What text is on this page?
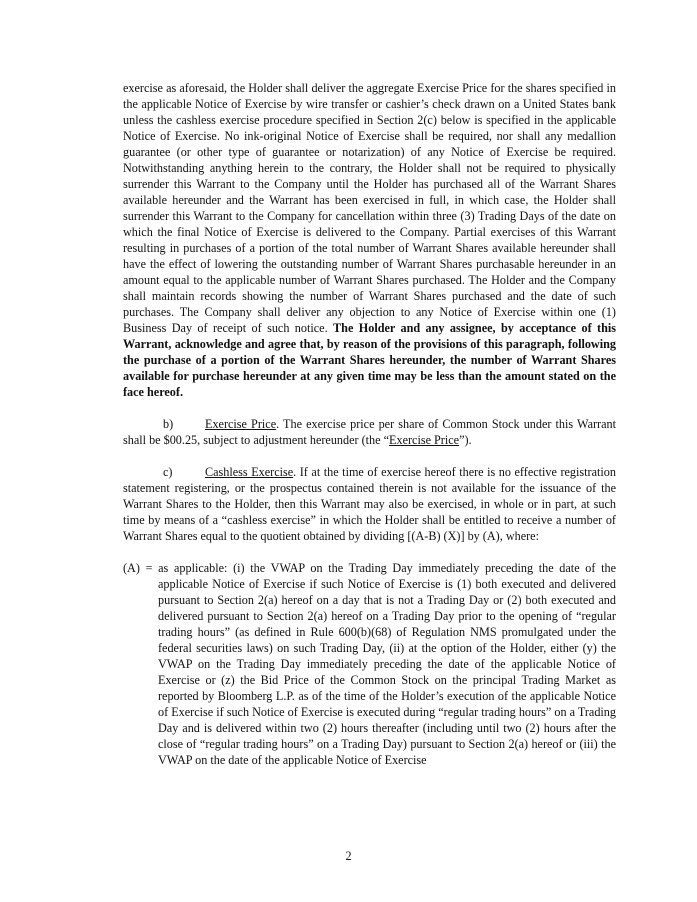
exercise as aforesaid, the Holder shall deliver the aggregate Exercise Price for the shares specified in the applicable Notice of Exercise by wire transfer or cashier’s check drawn on a United States bank unless the cashless exercise procedure specified in Section 2(c) below is specified in the applicable Notice of Exercise. No ink-original Notice of Exercise shall be required, nor shall any medallion guarantee (or other type of guarantee or notarization) of any Notice of Exercise be required. Notwithstanding anything herein to the contrary, the Holder shall not be required to physically surrender this Warrant to the Company until the Holder has purchased all of the Warrant Shares available hereunder and the Warrant has been exercised in full, in which case, the Holder shall surrender this Warrant to the Company for cancellation within three (3) Trading Days of the date on which the final Notice of Exercise is delivered to the Company. Partial exercises of this Warrant resulting in purchases of a portion of the total number of Warrant Shares available hereunder shall have the effect of lowering the outstanding number of Warrant Shares purchasable hereunder in an amount equal to the applicable number of Warrant Shares purchased. The Holder and the Company shall maintain records showing the number of Warrant Shares purchased and the date of such purchases. The Company shall deliver any objection to any Notice of Exercise within one (1) Business Day of receipt of such notice. The Holder and any assignee, by acceptance of this Warrant, acknowledge and agree that, by reason of the provisions of this paragraph, following the purchase of a portion of the Warrant Shares hereunder, the number of Warrant Shares available for purchase hereunder at any given time may be less than the amount stated on the face hereof.

b)	Exercise Price. The exercise price per share of Common Stock under this Warrant shall be $00.25, subject to adjustment hereunder (the “Exercise Price”).

c)	Cashless Exercise. If at the time of exercise hereof there is no effective registration statement registering, or the prospectus contained therein is not available for the issuance of the Warrant Shares to the Holder, then this Warrant may also be exercised, in whole or in part, at such time by means of a “cashless exercise” in which the Holder shall be entitled to receive a number of Warrant Shares equal to the quotient obtained by dividing [(A-B) (X)] by (A), where:

(A) = as applicable: (i) the VWAP on the Trading Day immediately preceding the date of the applicable Notice of Exercise if such Notice of Exercise is (1) both executed and delivered pursuant to Section 2(a) hereof on a day that is not a Trading Day or (2) both executed and delivered pursuant to Section 2(a) hereof on a Trading Day prior to the opening of “regular trading hours” (as defined in Rule 600(b)(68) of Regulation NMS promulgated under the federal securities laws) on such Trading Day, (ii) at the option of the Holder, either (y) the VWAP on the Trading Day immediately preceding the date of the applicable Notice of Exercise or (z) the Bid Price of the Common Stock on the principal Trading Market as reported by Bloomberg L.P. as of the time of the Holder’s execution of the applicable Notice of Exercise if such Notice of Exercise is executed during “regular trading hours” on a Trading Day and is delivered within two (2) hours thereafter (including until two (2) hours after the close of “regular trading hours” on a Trading Day) pursuant to Section 2(a) hereof or (iii) the VWAP on the date of the applicable Notice of Exercise

2
